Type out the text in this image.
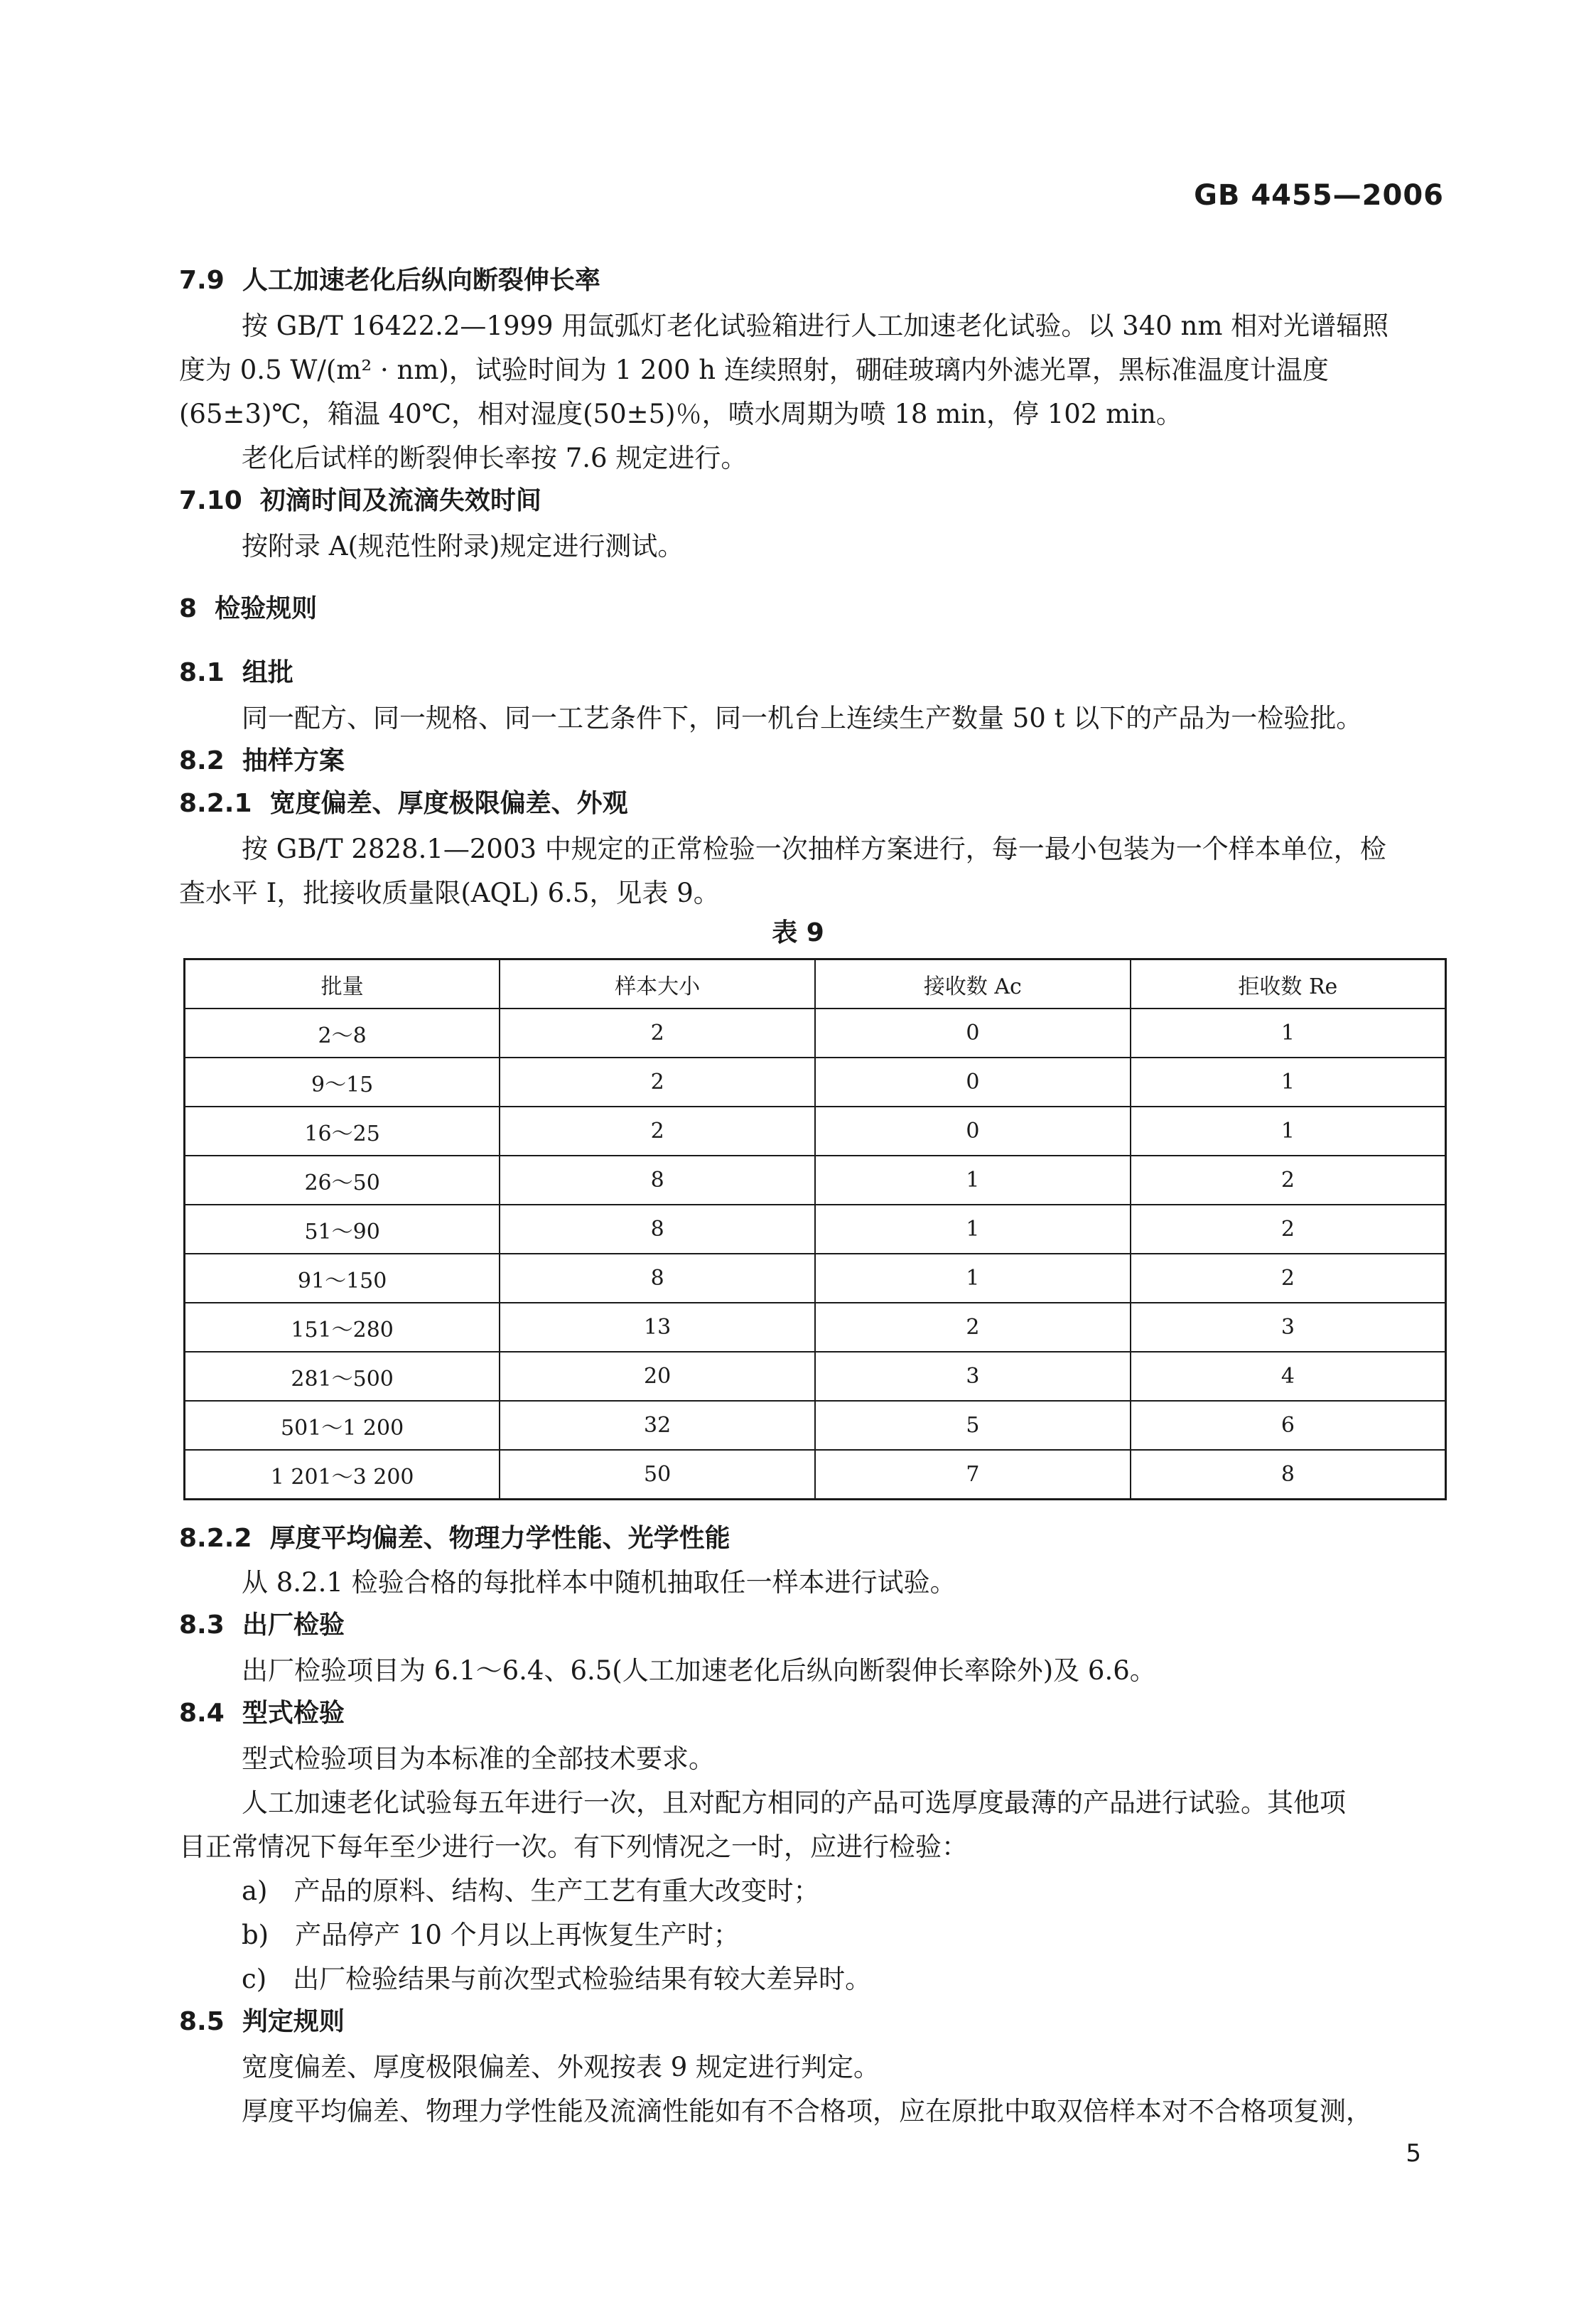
GB 4455—2006
7.9 人工加速老化后纵向断裂伸长率
按 GB/T 16422.2—1999 用氙弧灯老化试验箱进行人工加速老化试验。以 340 nm 相对光谱辐照
度为 0.5 W/(m² · nm)，试验时间为 1 200 h 连续照射，硼硅玻璃内外滤光罩，黑标准温度计温度
(65±3)℃，箱温 40℃，相对湿度(50±5)％，喷水周期为喷 18 min，停 102 min。
老化后试样的断裂伸长率按 7.6 规定进行。
7.10 初滴时间及流滴失效时间
按附录 A(规范性附录)规定进行测试。
8 检验规则
8.1 组批
同一配方、同一规格、同一工艺条件下，同一机台上连续生产数量 50 t 以下的产品为一检验批。
8.2 抽样方案
8.2.1 宽度偏差、厚度极限偏差、外观
按 GB/T 2828.1—2003 中规定的正常检验一次抽样方案进行，每一最小包装为一个样本单位，检
查水平 I，批接收质量限(AQL) 6.5，见表 9。
表 9
批量	样本大小	接收数 Ac	拒收数 Re
2～8	2	0	1
9～15	2	0	1
16～25	2	0	1
26～50	8	1	2
51～90	8	1	2
91～150	8	1	2
151～280	13	2	3
281～500	20	3	4
501～1 200	32	5	6
1 201～3 200	50	7	8
8.2.2 厚度平均偏差、物理力学性能、光学性能
从 8.2.1 检验合格的每批样本中随机抽取任一样本进行试验。
8.3 出厂检验
出厂检验项目为 6.1～6.4、6.5(人工加速老化后纵向断裂伸长率除外)及 6.6。
8.4 型式检验
型式检验项目为本标准的全部技术要求。
人工加速老化试验每五年进行一次，且对配方相同的产品可选厚度最薄的产品进行试验。其他项
目正常情况下每年至少进行一次。有下列情况之一时，应进行检验：
a)　产品的原料、结构、生产工艺有重大改变时；
b)　产品停产 10 个月以上再恢复生产时；
c)　出厂检验结果与前次型式检验结果有较大差异时。
8.5 判定规则
宽度偏差、厚度极限偏差、外观按表 9 规定进行判定。
厚度平均偏差、物理力学性能及流滴性能如有不合格项，应在原批中取双倍样本对不合格项复测，
5
